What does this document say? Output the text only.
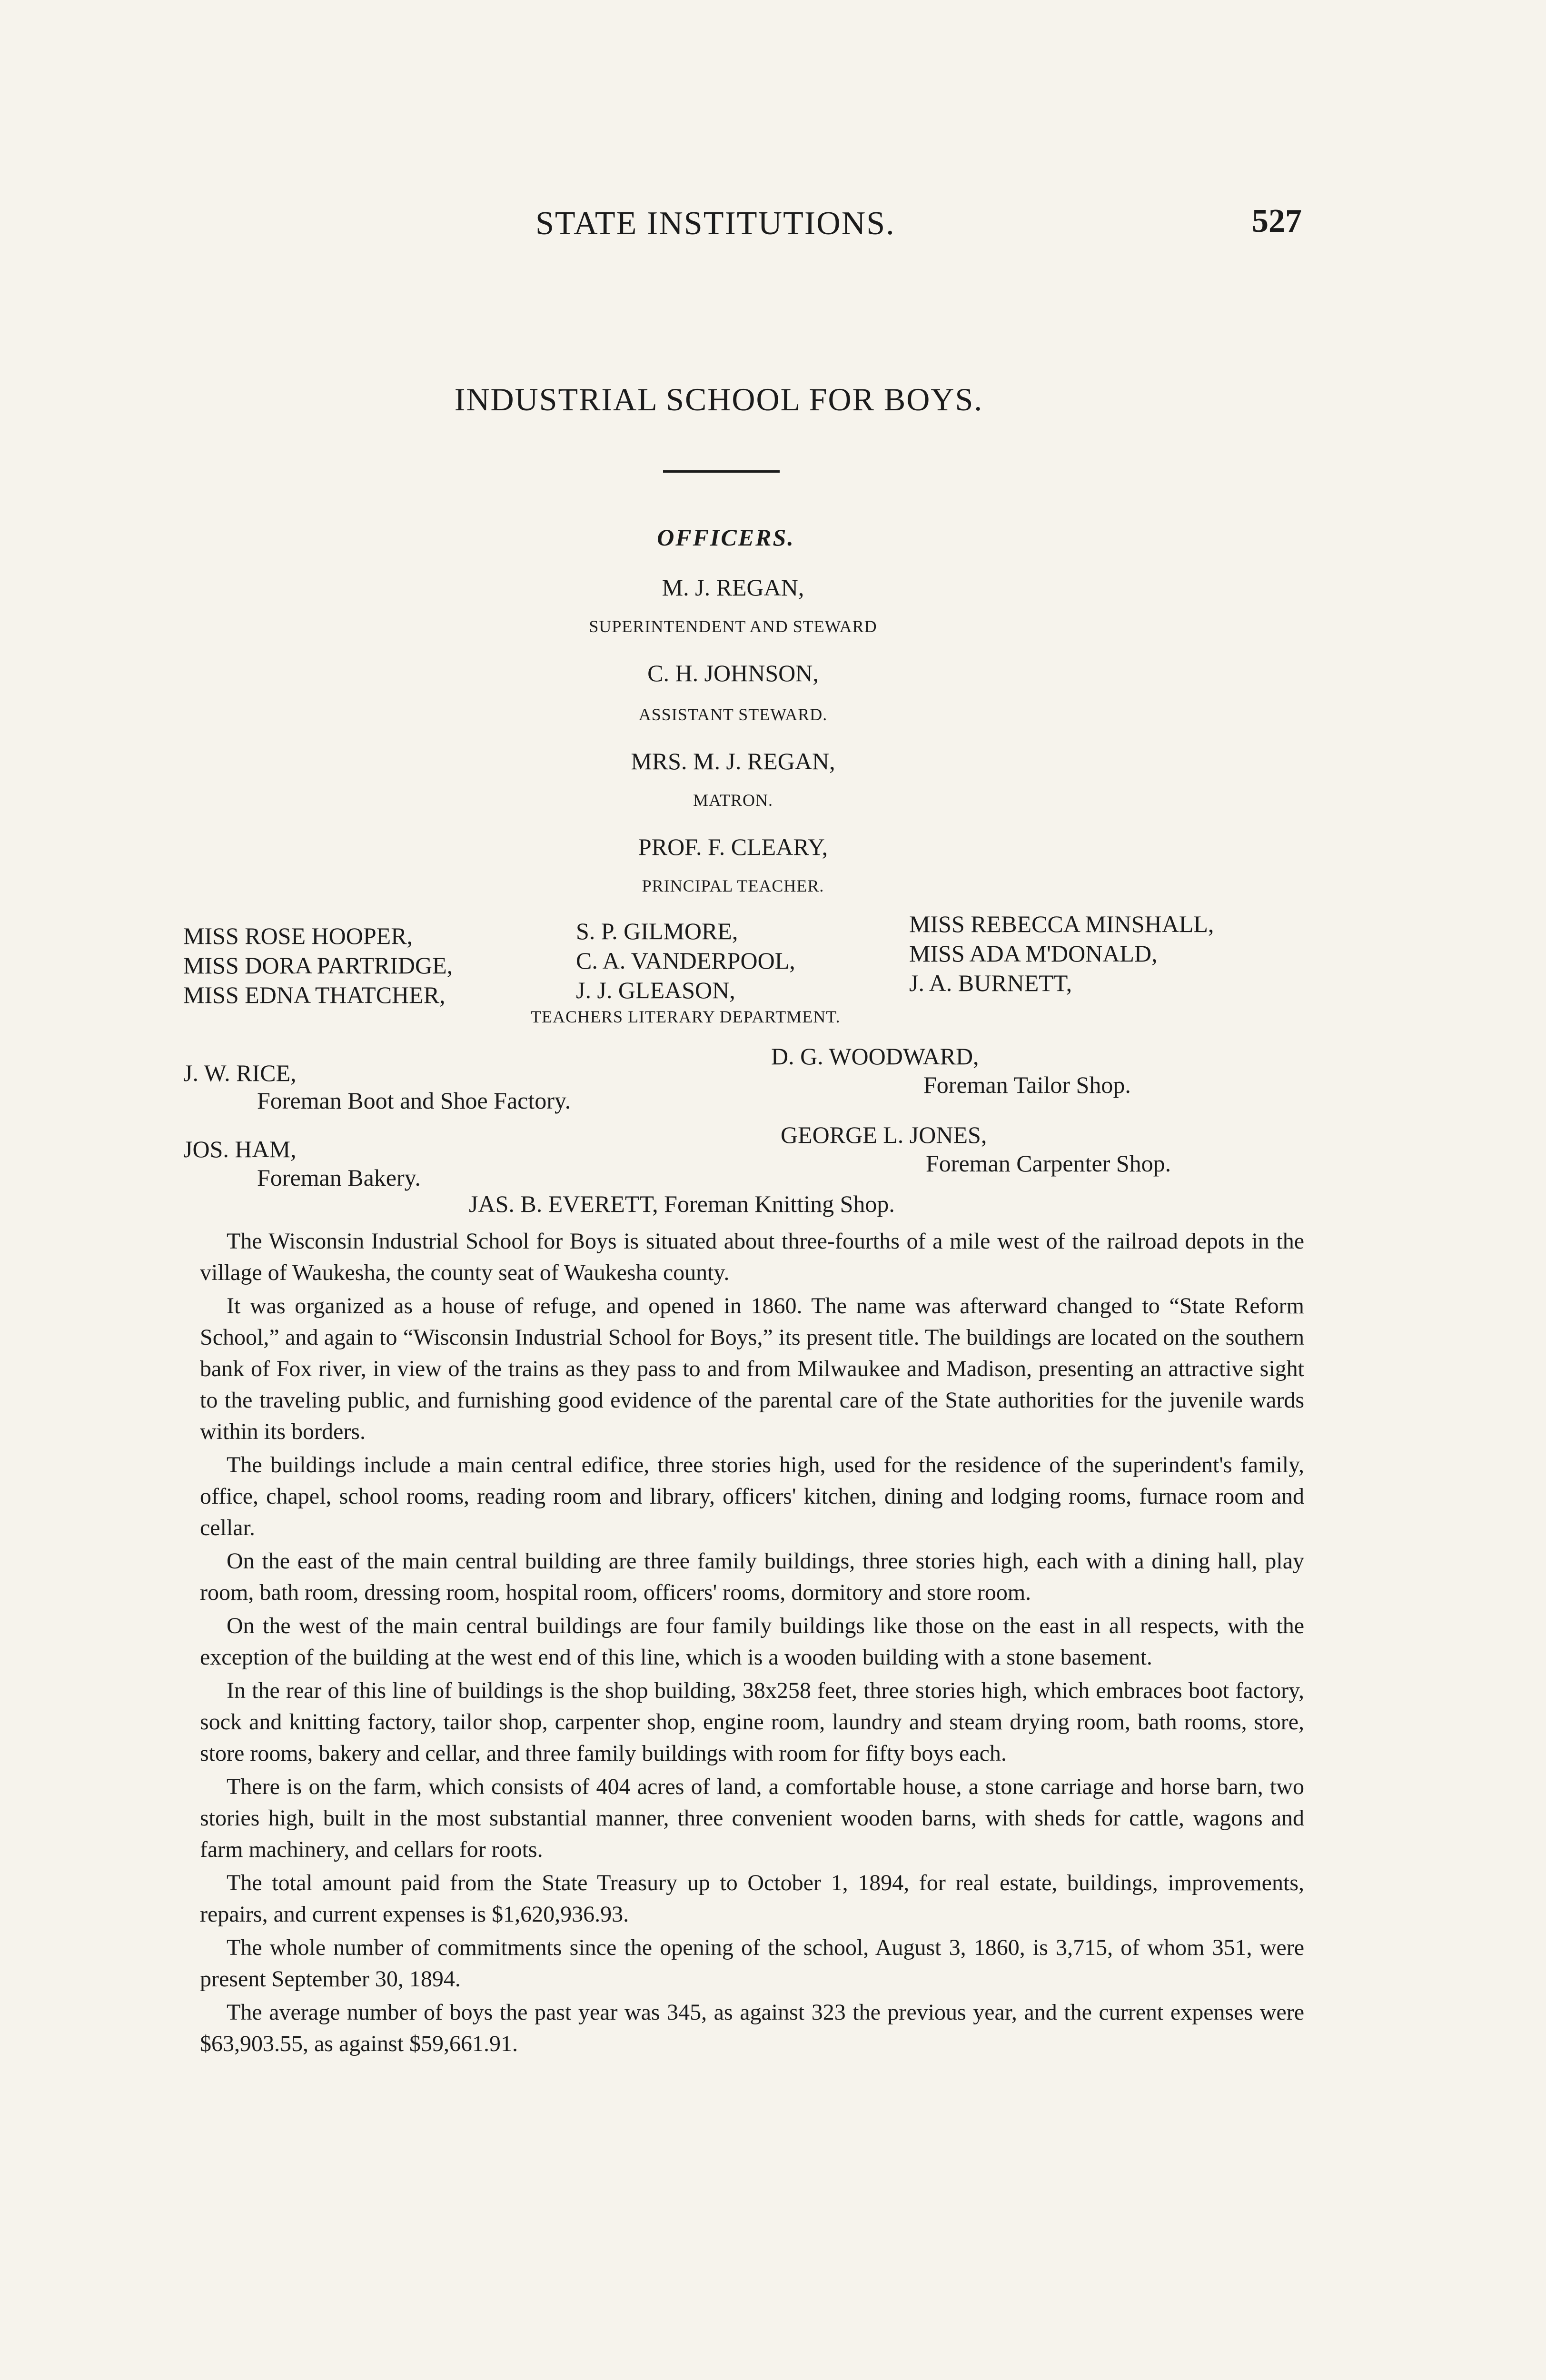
STATE INSTITUTIONS.	527
INDUSTRIAL SCHOOL FOR BOYS.
OFFICERS.
M. J. REGAN,
SUPERINTENDENT AND STEWARD
C. H. JOHNSON,
ASSISTANT STEWARD.
MRS. M. J. REGAN,
MATRON.
PROF. F. CLEARY,
PRINCIPAL TEACHER.
MISS ROSE HOOPER,
MISS DORA PARTRIDGE,
MISS EDNA THATCHER,
S. P. GILMORE,
C. A. VANDERPOOL,
J. J. GLEASON,
MISS REBECCA MINSHALL,
MISS ADA M'DONALD,
J. A. BURNETT,
TEACHERS LITERARY DEPARTMENT.
J. W. RICE,
Foreman Boot and Shoe Factory.
D. G. WOODWARD,
Foreman Tailor Shop.
JOS. HAM,
Foreman Bakery.
GEORGE L. JONES,
Foreman Carpenter Shop.
JAS. B. EVERETT, Foreman Knitting Shop.

The Wisconsin Industrial School for Boys is situated about three-fourths of a mile west of the railroad depots in the village of Waukesha, the county seat of Waukesha county.

It was organized as a house of refuge, and opened in 1860. The name was afterward changed to “State Reform School,” and again to “Wisconsin Industrial School for Boys,” its present title. The buildings are located on the southern bank of Fox river, in view of the trains as they pass to and from Milwaukee and Madison, presenting an attractive sight to the traveling public, and furnishing good evidence of the parental care of the State authorities for the juvenile wards within its borders.

The buildings include a main central edifice, three stories high, used for the residence of the superindent's family, office, chapel, school rooms, reading room and library, officers' kitchen, dining and lodging rooms, furnace room and cellar.

On the east of the main central building are three family buildings, three stories high, each with a dining hall, play room, bath room, dressing room, hospital room, officers' rooms, dormitory and store room.

On the west of the main central buildings are four family buildings like those on the east in all respects, with the exception of the building at the west end of this line, which is a wooden building with a stone basement.

In the rear of this line of buildings is the shop building, 38x258 feet, three stories high, which embraces boot factory, sock and knitting factory, tailor shop, carpenter shop, engine room, laundry and steam drying room, bath rooms, store, store rooms, bakery and cellar, and three family buildings with room for fifty boys each.

There is on the farm, which consists of 404 acres of land, a comfortable house, a stone carriage and horse barn, two stories high, built in the most substantial manner, three convenient wooden barns, with sheds for cattle, wagons and farm machinery, and cellars for roots.

The total amount paid from the State Treasury up to October 1, 1894, for real estate, buildings, improvements, repairs, and current expenses is $1,620,936.93.

The whole number of commitments since the opening of the school, August 3, 1860, is 3,715, of whom 351, were present September 30, 1894.

The average number of boys the past year was 345, as against 323 the previous year, and the current expenses were $63,903.55, as against $59,661.91.
